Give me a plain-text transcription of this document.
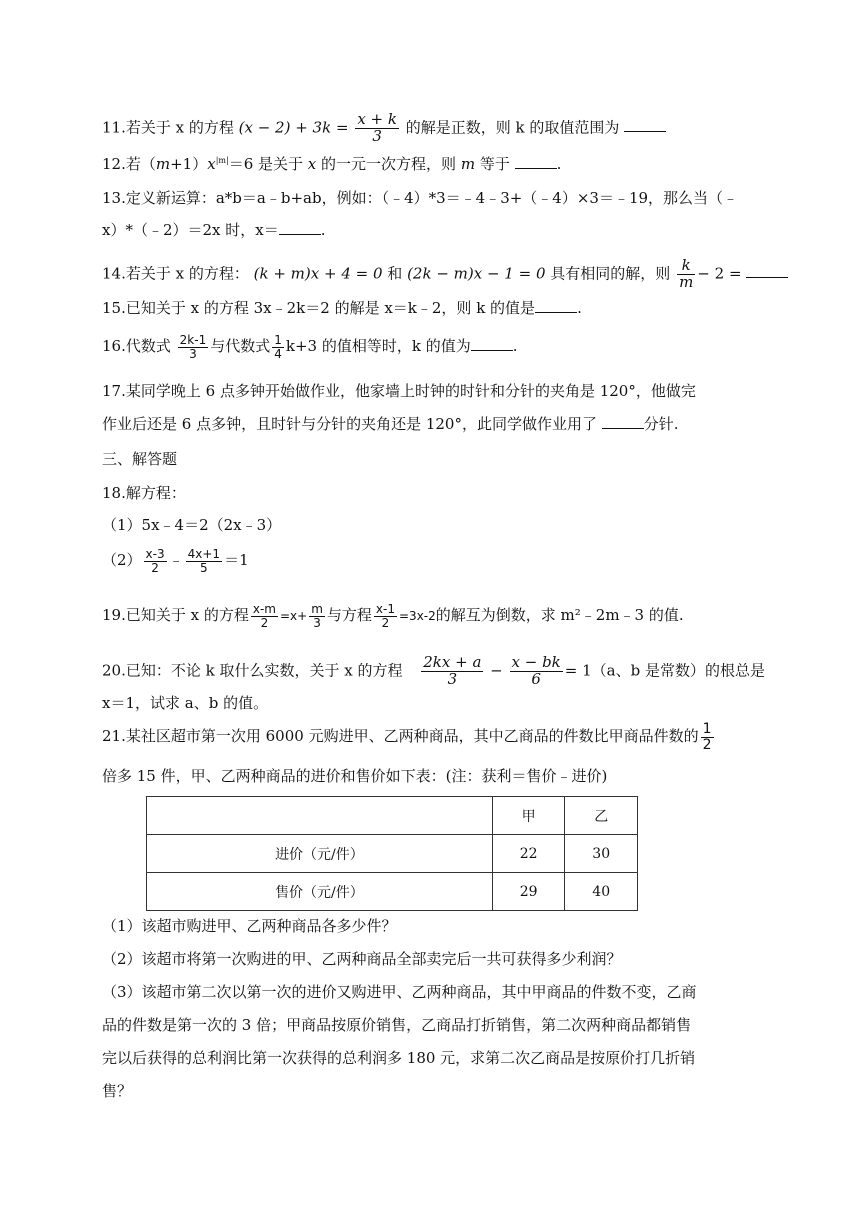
11.若关于 x 的方程 $(x - 2) + 3k = \frac{x + k}{3}$ 的解是正数，则 k 的取值范围为
12.若$(m+1)x^{|m|}=6$ 是关于 x 的一元一次方程，则 m 等于	.
13.定义新运算：a*b＝a﹣b+ab，例如：（﹣4）*3＝﹣4﹣3+（﹣4）×3＝﹣19，那么当（﹣
x）*（﹣2）＝2x 时，x＝	.
14.若关于 x 的方程： (k + m)x + 4 = 0 和 (2k − m)x − 1 = 0 具有相同的解，则 $\frac{k}{m} - 2$ =
15.已知关于 x 的方程 3x﹣2k＝2 的解是 x＝k﹣2，则 k 的值是	.
16.代数式 $\frac{2k-1}{3}$ 与代数式 $\frac{1}{4} k+3$ 的值相等时，k 的值为	.
17.某同学晚上 6 点多钟开始做作业，他家墙上时钟的时针和分针的夹角是 120°，他做完
作业后还是 6 点多钟，且时针与分针的夹角还是 120°，此同学做作业用了	分针.
三、解答题
18.解方程：
（1）5x﹣4＝2（2x﹣3）
$(2) \frac{x-3}{2}$ ﹣ $\frac{4x+1}{5} =1$
19.已知关于 x 的方程 $\frac{x-m}{2} =x+ \frac{m}{3}$ 与方程 $\frac{x-1}{2} =3x-2$的解互为倒数，求 m²﹣2m﹣3 的值.
20.已知：不论 k 取什么实数，关于 x 的方程 $\frac{2kx + a}{3} - \frac{x - bk}{6} = 1(a$、b 是常数）的根总是
x＝1，试求 a、b 的值。
21.某社区超市第一次用 6000 元购进甲、乙两种商品，其中乙商品的件数比甲商品件数的 $\frac{1}{2}$
倍多 15 件，甲、乙两种商品的进价和售价如下表：(注：获利＝售价﹣进价)
	甲	乙
进价（元/件）	22	30
售价（元/件）	29	40
（1）该超市购进甲、乙两种商品各多少件？
（2）该超市将第一次购进的甲、乙两种商品全部卖完后一共可获得多少利润？
（3）该超市第二次以第一次的进价又购进甲、乙两种商品，其中甲商品的件数不变，乙商
品的件数是第一次的 3 倍；甲商品按原价销售，乙商品打折销售，第二次两种商品都销售
完以后获得的总利润比第一次获得的总利润多 180 元，求第二次乙商品是按原价打几折销
售？
